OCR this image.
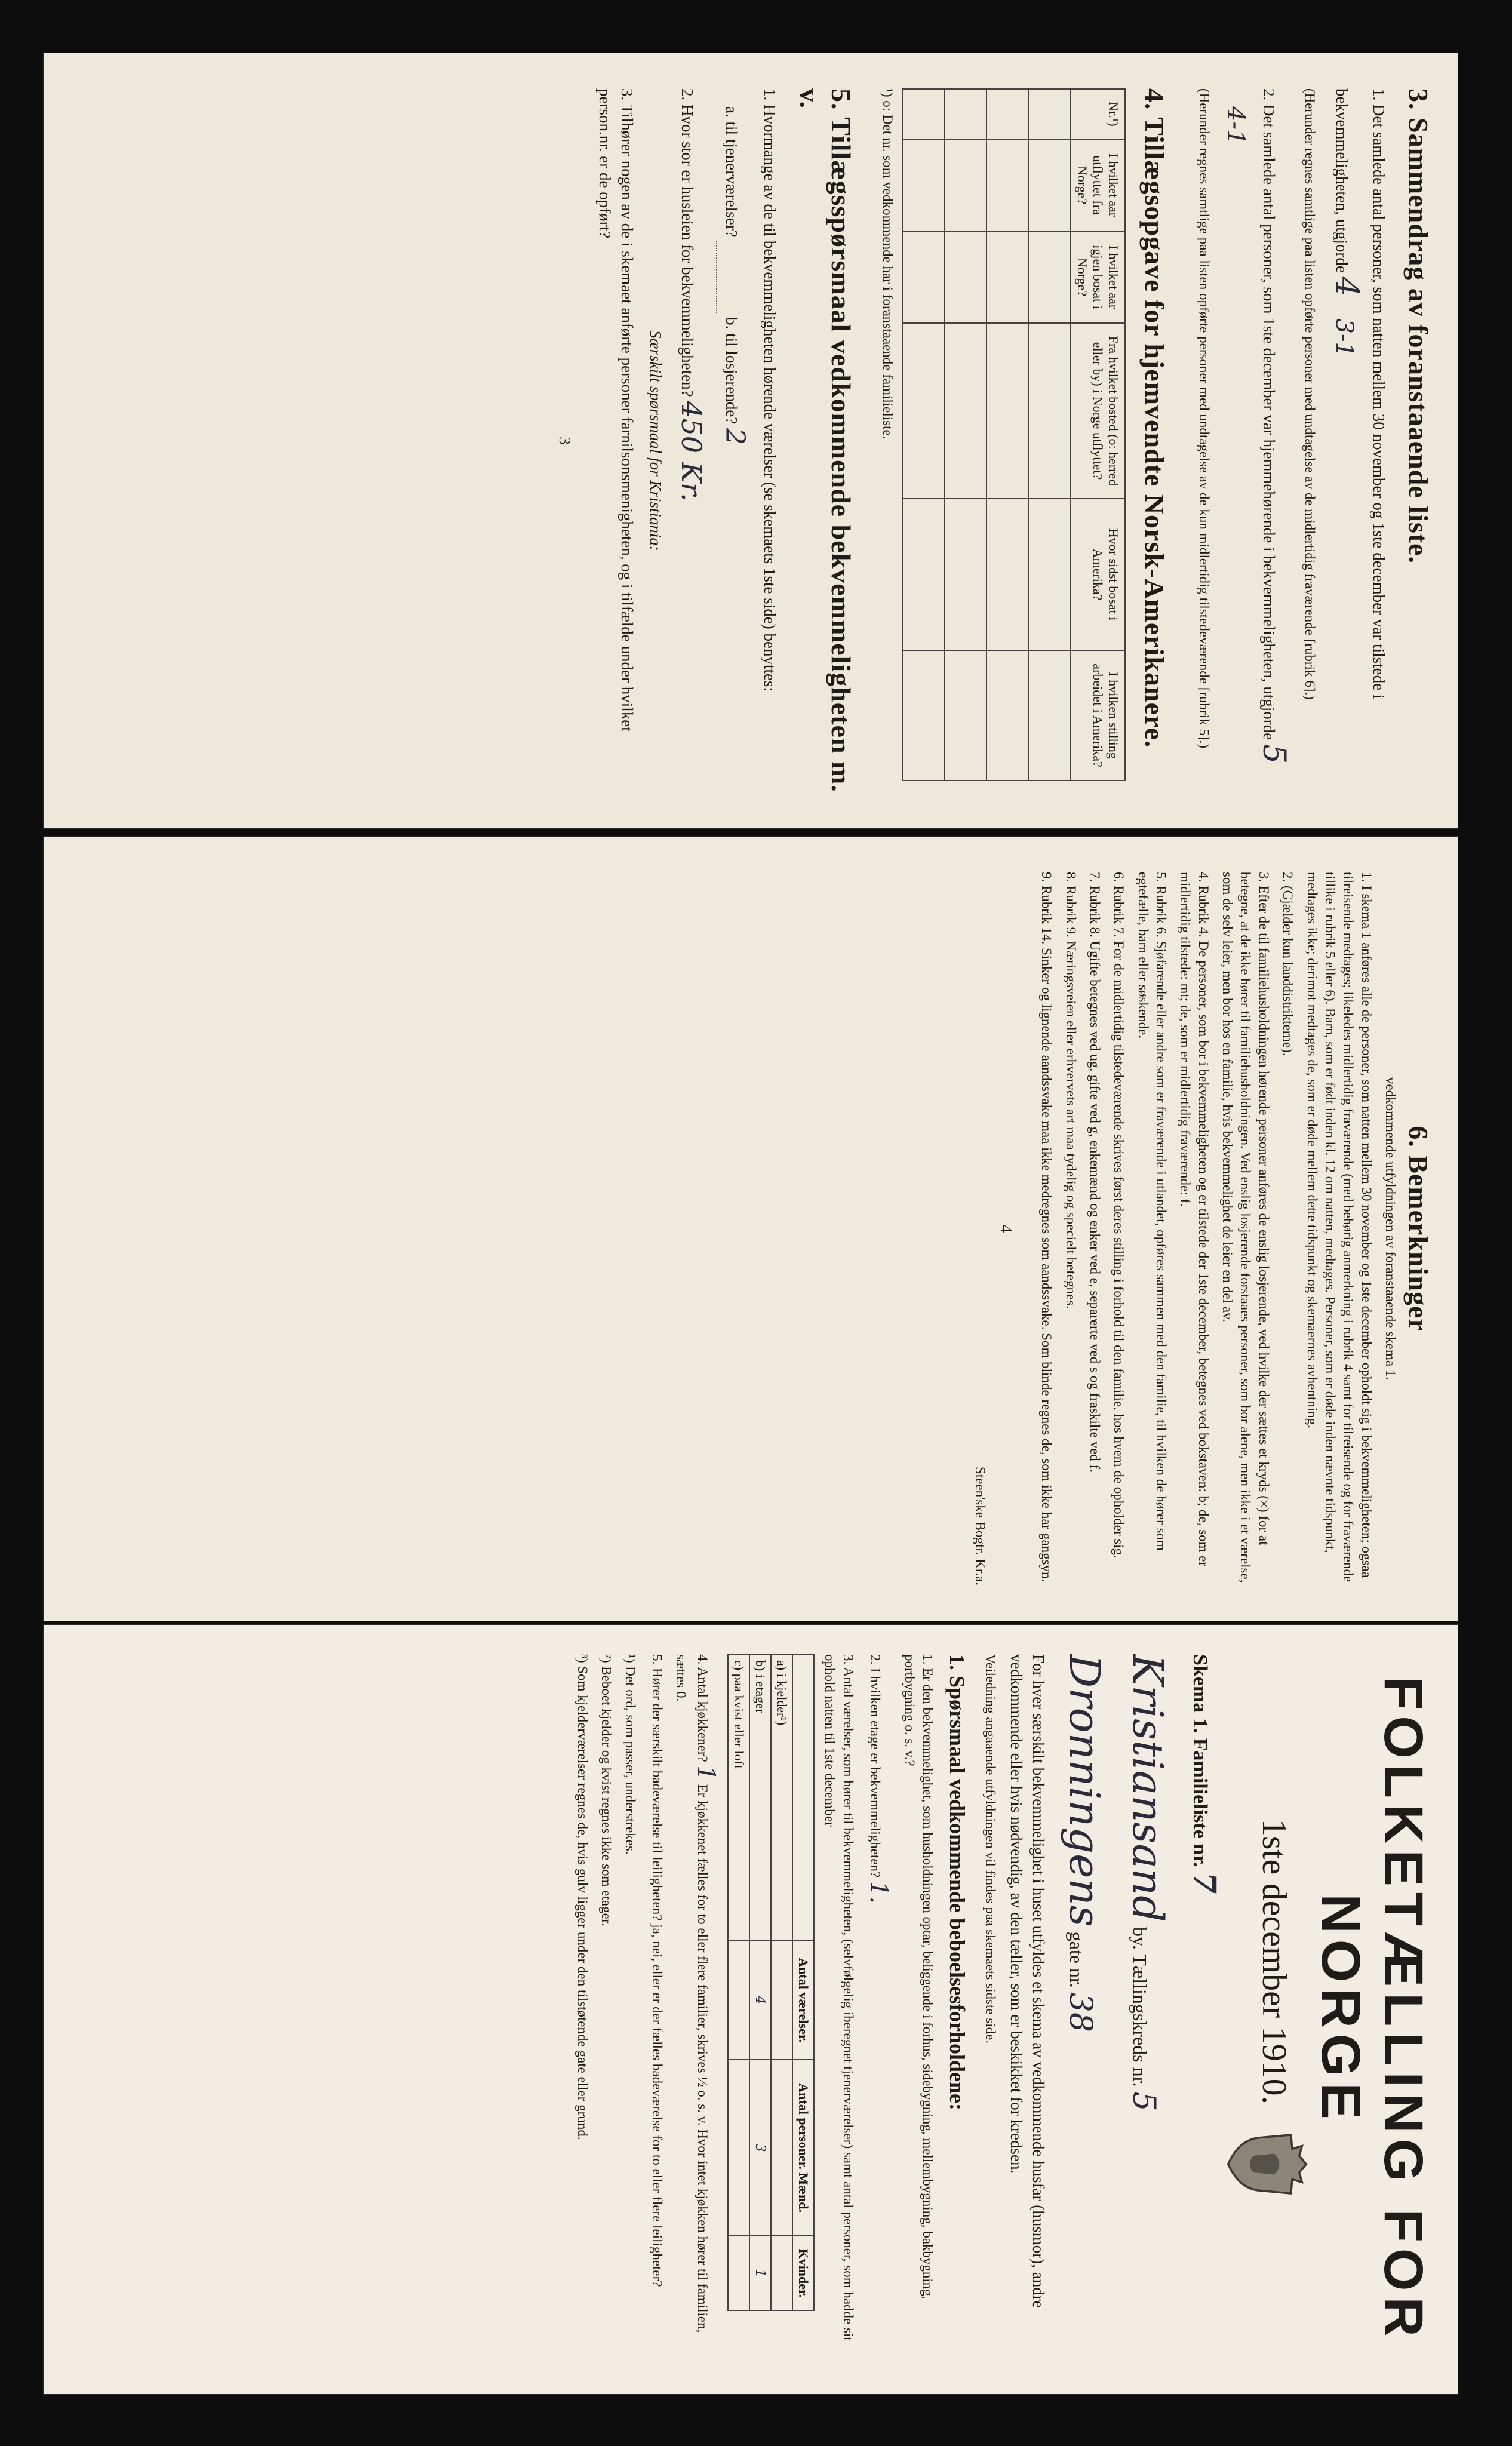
3. Sammendrag av foranstaaende liste.

1. Det samlede antal personer, som natten mellem 30 november og 1ste december var tilstede i bekvemmeligheten, utgjorde 4 3-1

(Herunder regnes samtlige paa listen opførte personer med undtagelse av de midlertidig fraværende [rubrik 6].)

2. Det samlede antal personer, som 1ste december var hjemmehørende i bekvemmeligheten, utgjorde 5 4-1

(Herunder regnes samtlige paa listen opførte personer med undtagelse av de kun midlertidig tilstedeværende [rubrik 5].)

4. Tillægsopgave for hjemvendte Norsk-Amerikanere.
Nr.¹)	I hvilket aar utflyttet fra Norge?	I hvilket aar igjen bosat i Norge?	Fra hvilket bosted (o: herred eller by) i Norge utflyttet?	Hvor sidst bosat i Amerika?	I hvilken stilling arbeidet i Amerika?

¹) o: Det nr. som vedkommende har i foranstaaende familieliste.

5. Tillægsspørsmaal vedkommende bekvemmeligheten m. v.

1. Hvormange av de til bekvemmeligheten hørende værelser (se skemaets 1ste side) benyttes:

a. til tjenerværelser?  b. til losjerende? 2

2. Hvor stor er husleien for bekvemmeligheten? 450 Kr.

Særskilt spørsmaal for Kristiania:

3. Tilhører nogen av de i skemaet anførte personer farnilsonsmenigheten, og i tilfælde under hvilket person.nr. er de opført?

3

6. Bemerkninger

vedkommende utfyldningen av foranstaaende skema 1.

1. I skema 1 anføres alle de personer, som natten mellem 30 november og 1ste december opholdt sig i bekvemmeligheten; ogsaa tilreisende medtages; likeledes midlertidig fraværende (med behørig anmerkning i rubrik 4 samt for tilreisende og for fraværende tillike i rubrik 5 eller 6). Barn, som er født inden kl. 12 om natten, medtages. Personer, som er døde inden nævnte tidspunkt, medtages ikke; derimot medtages de, som er døde mellem dette tidspunkt og skemaernes avhentning.

2. (Gjælder kun landdistrikterne).

3. Efter de til familiehusholdningen hørende personer anføres de enslig losjerende, ved hvilke der sættes et kryds (×) for at betegne, at de ikke hører til familiehusholdningen. Ved enslig losjerende forstaaes personer, som bor alene, men ikke i et værelse, som de selv leier, men bor hos en familie, hvis bekvemmelighet de leier en del av.

4. Rubrik 4. De personer, som bor i bekvemmeligheten og er tilstede der 1ste december, betegnes ved bokstaven: b; de, som er midlertidig tilstede: mt; de, som er midlertidig fraværende: f.

5. Rubrik 6. Sjøfarende eller andre som er fraværende i utlandet, opføres sammen med den familie, til hvilken de hører som egtefælle, barn eller søskende.

6. Rubrik 7. For de midlertidig tilstedeværende skrives først deres stilling i forhold til den familie, hos hvem de opholder sig.

7. Rubrik 8. Ugifte betegnes ved ug, gifte ved g, enkemænd og enker ved e, separerte ved s og fraskilte ved f.

8. Rubrik 9. Næringsveien eller erhvervets art maa tydelig og specielt betegnes.

9. Rubrik 14. Sinker og lignende aandssvake maa ikke medregnes som aandssvake. Som blinde regnes de, som ikke har gangsyn.

4

Steen'ske Bogtr. Kr.a.

FOLKETÆLLING FOR NORGE

1ste december 1910.

Skema 1. Familieliste nr. 7

Kristiansand by. Tællingskreds nr. 5

Dronningens gate nr. 38

For hver særskilt bekvemmelighet i huset utfyldes et skema av vedkommende husfar (husmor), andre vedkommende eller hvis nødvendig, av den tæller, som er beskikket for kredsen.

Veiledning angaaende utfyldningen vil findes paa skemaets sidste side.

1. Spørsmaal vedkommende beboelsesforholdene:

1. Er den bekvemmelighet, som husholdningen optar, beliggende i forhus, sidebygning, mellembygning, bakbygning, portbygning o. s. v.?

2. I hvilken etage er bekvemmeligheten? 1.

3. Antal værelser, som hører til bekvemmeligheten, (selvfølgelig iberegnet tjenerværelser) samt antal personer, som hadde sit ophold natten til 1ste december

	Antal værelser.	Antal personer. Mænd.	Kvinder.
a) i kjelder¹)			
b) i etager	4	3	1
c) paa kvist eller loft			

4. Antal kjøkkener? 1 Er kjøkkenet fælles for to eller flere familier, skrives ½ o. s. v. Hvor intet kjøkken hører til familien, sættes 0.

5. Hører der særskilt badeværelse til leiligheten? ja, nei, eller er der fælles badeværelse for to eller flere leiligheter?

¹) Det ord, som passer, understrekes.

²) Beboet kjelder og kvist regnes ikke som etager.

³) Som kjelderværelser regnes de, hvis gulv ligger under den tilstøtende gate eller grund.
